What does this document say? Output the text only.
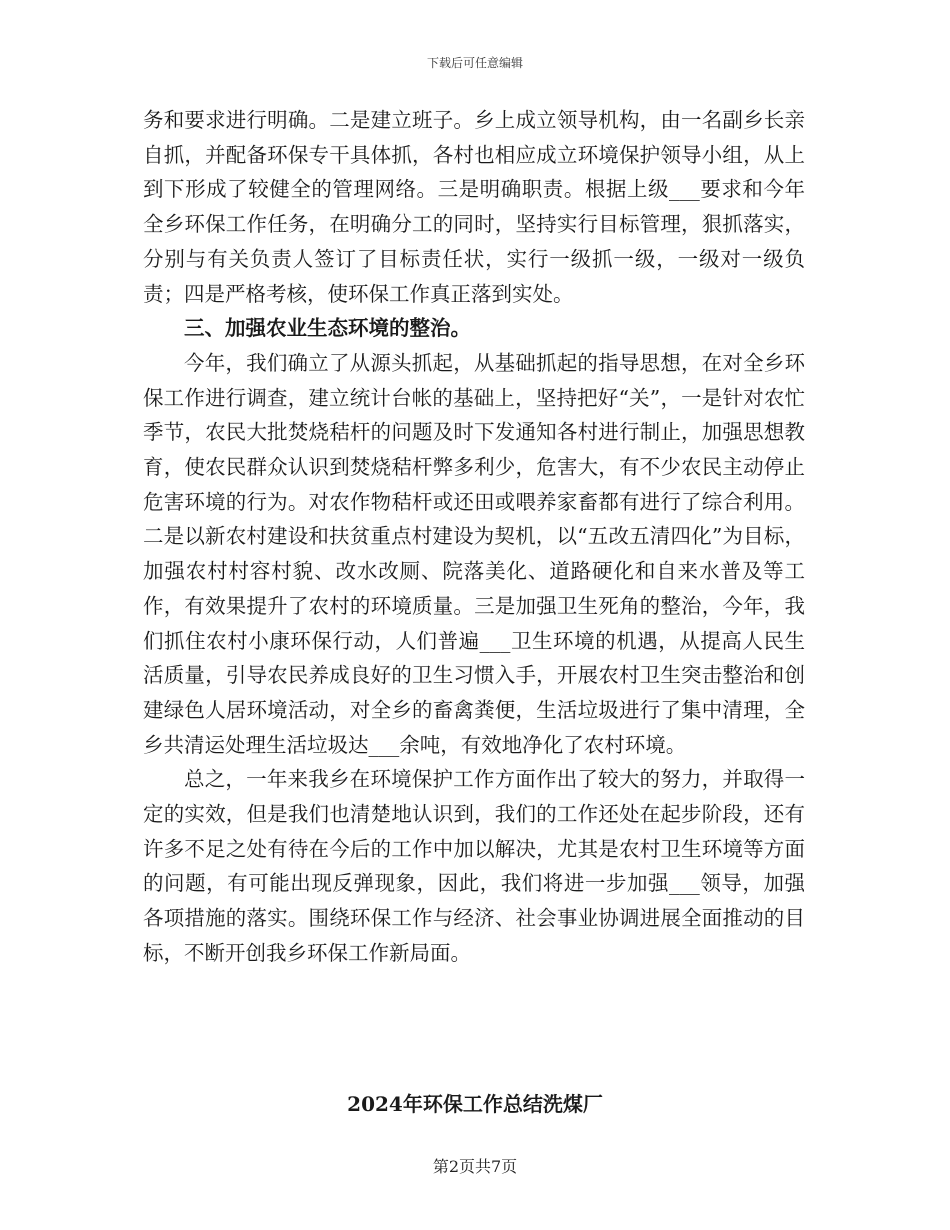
下载后可任意编辑

务和要求进行明确。二是建立班子。乡上成立领导机构，由一名副乡长亲自抓，并配备环保专干具体抓，各村也相应成立环境保护领导小组，从上到下形成了较健全的管理网络。三是明确职责。根据上级___要求和今年全乡环保工作任务，在明确分工的同时，坚持实行目标管理，狠抓落实，分别与有关负责人签订了目标责任状，实行一级抓一级，一级对一级负责；四是严格考核，使环保工作真正落到实处。

三、加强农业生态环境的整治。

今年，我们确立了从源头抓起，从基础抓起的指导思想，在对全乡环保工作进行调查，建立统计台帐的基础上，坚持把好“关”，一是针对农忙季节，农民大批焚烧秸杆的问题及时下发通知各村进行制止，加强思想教育，使农民群众认识到焚烧秸杆弊多利少，危害大，有不少农民主动停止危害环境的行为。对农作物秸杆或还田或喂养家畜都有进行了综合利用。二是以新农村建设和扶贫重点村建设为契机，以“五改五清四化”为目标，加强农村村容村貌、改水改厕、院落美化、道路硬化和自来水普及等工作，有效果提升了农村的环境质量。三是加强卫生死角的整治，今年，我们抓住农村小康环保行动，人们普遍___卫生环境的机遇，从提高人民生活质量，引导农民养成良好的卫生习惯入手，开展农村卫生突击整治和创建绿色人居环境活动，对全乡的畜禽粪便，生活垃圾进行了集中清理，全乡共清运处理生活垃圾达___余吨，有效地净化了农村环境。

总之，一年来我乡在环境保护工作方面作出了较大的努力，并取得一定的实效，但是我们也清楚地认识到，我们的工作还处在起步阶段，还有许多不足之处有待在今后的工作中加以解决，尤其是农村卫生环境等方面的问题，有可能出现反弹现象，因此，我们将进一步加强___领导，加强各项措施的落实。围绕环保工作与经济、社会事业协调进展全面推动的目标，不断开创我乡环保工作新局面。

2024年环保工作总结洗煤厂
第2页共7页
